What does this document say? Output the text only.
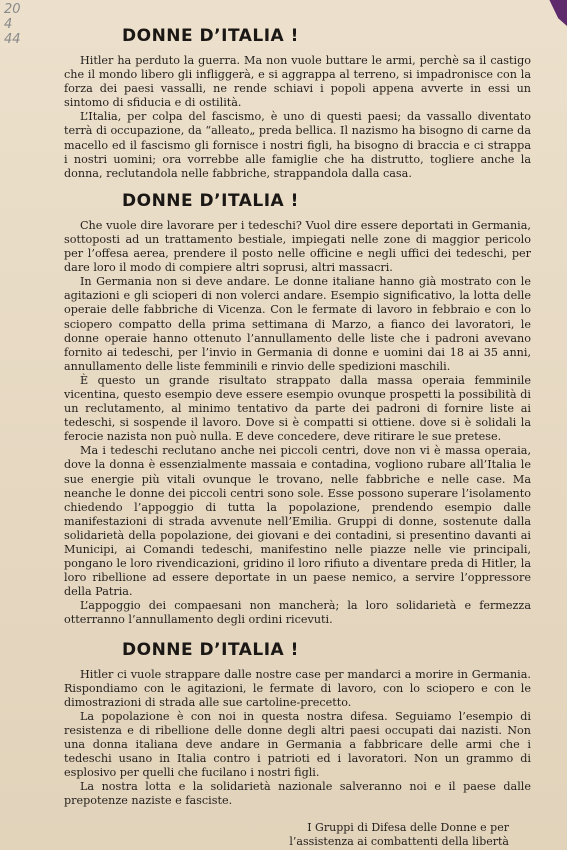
20
4
44	DONNE D’ITALIA !

Hitler ha perduto la guerra. Ma non vuole buttare le armi, perchè sa il castigo che il mondo libero gli infliggerà, e si aggrappa al terreno, si impadronisce con la forza dei paesi vassalli, ne rende schiavi i popoli appena avverte in essi un sintomo di sfiducia e di ostilità.

L’Italia, per colpa del fascismo, è uno di questi paesi; da vassallo diventato terrà di occupazione, da “alleato„ preda bellica. Il nazismo ha bisogno di carne da macello ed il fascismo gli fornisce i nostri figli, ha bisogno di braccia e ci strappa i nostri uomini; ora vorrebbe alle famiglie che ha distrutto, togliere anche la donna, reclutandola nelle fabbriche, strappandola dalla casa.

DONNE D’ITALIA !

Che vuole dire lavorare per i tedeschi? Vuol dire essere deportati in Germania, sottoposti ad un trattamento bestiale, impiegati nelle zone di maggior pericolo per l’offesa aerea, prendere il posto nelle officine e negli uffici dei tedeschi, per dare loro il modo di compiere altri soprusi, altri massacri.

In Germania non si deve andare. Le donne italiane hanno già mostrato con le agitazioni e gli scioperi di non volerci andare. Esempio significativo, la lotta delle operaie delle fabbriche di Vicenza. Con le fermate di lavoro in febbraio e con lo sciopero compatto della prima settimana di Marzo, a fianco dei lavoratori, le donne operaie hanno ottenuto l’annullamento delle liste che i padroni avevano fornito ai tedeschi, per l’invio in Germania di donne e uomini dai 18 ai 35 anni, annullamento delle liste femminili e rinvio delle spedizioni maschili.

È questo un grande risultato strappato dalla massa operaia femminile vicentina, questo esempio deve essere esempio ovunque prospetti la possibilità di un reclutamento, al minimo tentativo da parte dei padroni di fornire liste ai tedeschi, si sospende il lavoro. Dove si è compatti si ottiene. dove si è solidali la ferocie nazista non può nulla. E deve concedere, deve ritirare le sue pretese.

Ma i tedeschi reclutano anche nei piccoli centri, dove non vi è massa operaia, dove la donna è essenzialmente massaia e contadina, vogliono rubare all’Italia le sue energie più vitali ovunque le trovano, nelle fabbriche e nelle case. Ma neanche le donne dei piccoli centri sono sole. Esse possono superare l’isolamento chiedendo l’appoggio di tutta la popolazione, prendendo esempio dalle manifestazioni di strada avvenute nell’Emilia. Gruppi di donne, sostenute dalla solidarietà della popolazione, dei giovani e dei contadini, si presentino davanti ai Municipi, ai Comandi tedeschi, manifestino nelle piazze nelle vie principali, pongano le loro rivendicazioni, gridino il loro rifiuto a diventare preda di Hitler, la loro ribellione ad essere deportate in un paese nemico, a servire l’oppressore della Patria.

L’appoggio dei compaesani non mancherà; la loro solidarietà e fermezza otterranno l’annullamento degli ordini ricevuti.

DONNE D’ITALIA !

Hitler ci vuole strappare dalle nostre case per mandarci a morire in Germania. Rispondiamo con le agitazioni, le fermate di lavoro, con lo sciopero e con le dimostrazioni di strada alle sue cartoline-precetto.

La popolazione è con noi in questa nostra difesa. Seguiamo l’esempio di resistenza e di ribellione delle donne degli altri paesi occupati dai nazisti. Non una donna italiana deve andare in Germania a fabbricare delle armi che i tedeschi usano in Italia contro i patrioti ed i lavoratori. Non un grammo di esplosivo per quelli che fucilano i nostri figli.

La nostra lotta e la solidarietà nazionale salveranno noi e il paese dalle prepotenze naziste e fasciste.

I Gruppi di Difesa delle Donne e per
l’assistenza ai combattenti della libertà
